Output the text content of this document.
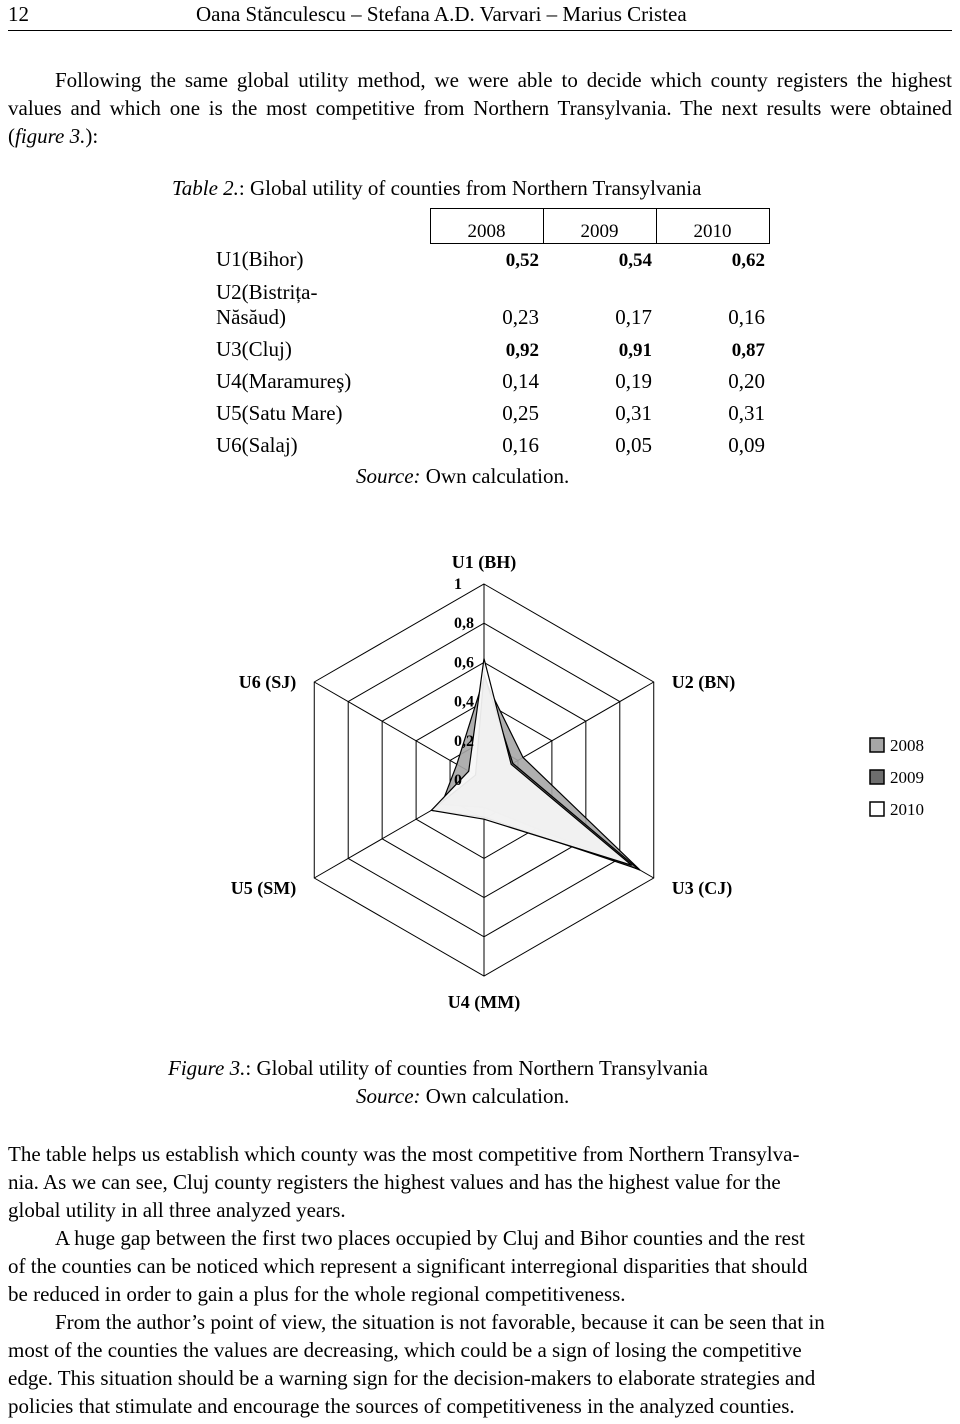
12	Oana Stănculescu – Stefana A.D. Varvari – Marius Cristea
Following the same global utility method, we were able to decide which county registers the highest values and which one is the most competitive from Northern Transylvania. The next results were obtained (figure 3.):
Table 2.: Global utility of counties from Northern Transylvania
	2008	2009	2010
U1(Bihor)	0,52	0,54	0,62
U2(Bistrița-
Năsăud)	0,23	0,17	0,16
U3(Cluj)	0,92	0,91	0,87
U4(Maramureş)	0,14	0,19	0,20
U5(Satu Mare)	0,25	0,31	0,31
U6(Salaj)	0,16	0,05	0,09
Source: Own calculation.
0
0,2
0,4
0,6
0,8
1
U1 (BH)
U2 (BN)
U3 (CJ)
U4 (MM)
U5 (SM)
U6 (SJ)
2008
2009
2010
Figure 3.: Global utility of counties from Northern Transylvania
Source: Own calculation.
The table helps us establish which county was the most competitive from Northern Transylva-
nia. As we can see, Cluj county registers the highest values and has the highest value for the
global utility in all three analyzed years.
A huge gap between the first two places occupied by Cluj and Bihor counties and the rest
of the counties can be noticed which represent a significant interregional disparities that should
be reduced in order to gain a plus for the whole regional competitiveness.
From the author’s point of view, the situation is not favorable, because it can be seen that in
most of the counties the values are decreasing, which could be a sign of losing the competitive
edge. This situation should be a warning sign for the decision-makers to elaborate strategies and
policies that stimulate and encourage the sources of competitiveness in the analyzed counties.
